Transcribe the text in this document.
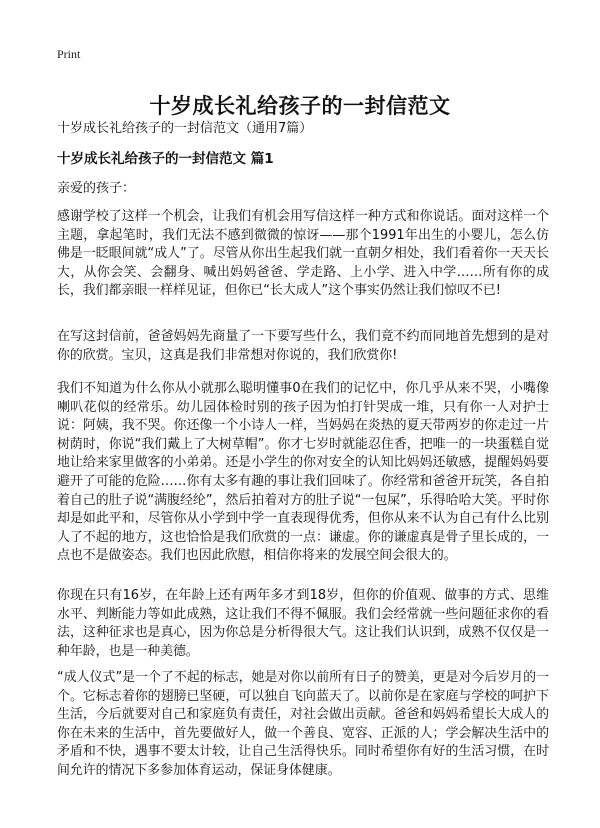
Print
十岁成长礼给孩子的一封信范文
十岁成长礼给孩子的一封信范文（通用7篇）
十岁成长礼给孩子的一封信范文 篇1
亲爱的孩子：

感谢学校了这样一个机会，让我们有机会用写信这样一种方式和你说话。面对这样一个主题，拿起笔时，我们无法不感到微微的惊讶——那个1991年出生的小婴儿，怎么仿佛是一眨眼间就“成人”了。尽管从你出生起我们就一直朝夕相处，我们看着你一天天长大，从你会笑、会翻身、喊出妈妈爸爸、学走路、上小学、进入中学……所有你的成长，我们都亲眼一样样见证，但你已“长大成人”这个事实仍然让我们惊叹不已!

在写这封信前，爸爸妈妈先商量了一下要写些什么，我们竟不约而同地首先想到的是对你的欣赏。宝贝，这真是我们非常想对你说的，我们欣赏你!

我们不知道为什么你从小就那么聪明懂事0在我们的记忆中，你几乎从来不哭，小嘴像喇叭花似的经常乐。幼儿园体检时别的孩子因为怕打针哭成一堆，只有你一人对护士说：阿姨，我不哭。你还像一个小诗人一样，当妈妈在炎热的夏天带两岁的你走过一片树荫时，你说“我们戴上了大树草帽”。你才七岁时就能忍住香，把唯一的一块蛋糕自觉地让给来家里做客的小弟弟。还是小学生的你对安全的认知比妈妈还敏感，提醒妈妈要避开了可能的危险……你有太多有趣的事让我们回味了。你经常和爸爸开玩笑，各自拍着自己的肚子说“满腹经纶”，然后拍着对方的肚子说“一包屎”，乐得哈哈大笑。平时你却是如此平和，尽管你从小学到中学一直表现得优秀，但你从来不认为自己有什么比别人了不起的地方，这也恰恰是我们欣赏的一点：谦虚。你的谦虚真是骨子里长成的，一点也不是做姿态。我们也因此欣慰，相信你将来的发展空间会很大的。

你现在只有16岁，在年龄上还有两年多才到18岁，但你的价值观、做事的方式、思维水平、判断能力等如此成熟，这让我们不得不佩服。我们会经常就一些问题征求你的看法，这种征求也是真心，因为你总是分析得很大气。这让我们认识到，成熟不仅仅是一种年龄，也是一种美德。

“成人仪式”是一个了不起的标志，她是对你以前所有日子的赞美，更是对今后岁月的一个。它标志着你的翅膀已坚硬，可以独自飞向蓝天了。以前你是在家庭与学校的呵护下生活，今后就要对自己和家庭负有责任，对社会做出贡献。爸爸和妈妈希望长大成人的你在未来的生活中，首先要做好人，做一个善良、宽容、正派的人；学会解决生活中的矛盾和不快，遇事不要太计较，让自己生活得快乐。同时希望你有好的生活习惯，在时间允许的情况下多参加体育运动，保证身体健康。
